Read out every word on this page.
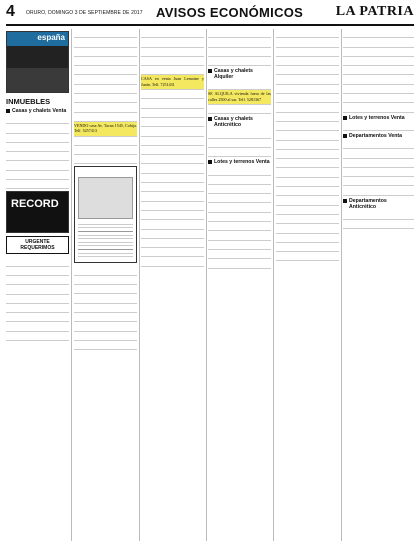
4 ORURO, DOMINGO 3 DE SEPTIEMBRE DE 2017 AVISOS ECONÓMICOS LA PATRIA
españa
INMUEBLES
Casas y chalets Venta

RECORD
URGENTE REQUERIMOS

VENDO casa Av. Tacna 1545, Cobija. Telf. 5257413

CASA en venta Juan Lemoine y Junín. Telf. 7251431

Casas y chalets Alquiler

SE ALQUILA vivienda fuera de las calles 2500 al sur. Telf. 5281367

Casas y chalets Anticrético

Lotes y terrenos Venta

Lotes y terrenos Venta

Departamentos Venta

Departamentos Anticrético
